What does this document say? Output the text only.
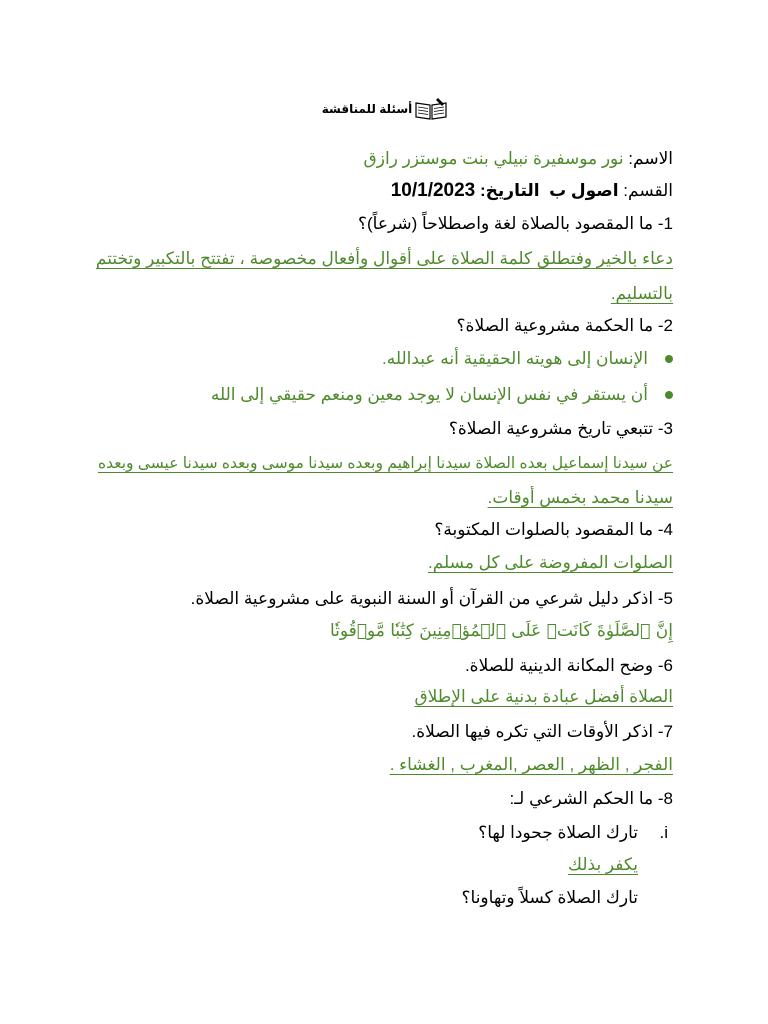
أسئلة للمناقشة
الاسم: نور موسفيرة نبيلي بنت موستزر رازق
القسم: اصول ب  التاريخ: 10/1/2023
1- ما المقصود بالصلاة لغة واصطلاحاً (شرعاً)؟
دعاء بالخير وفتطلق كلمة الصلاة على أقوال وأفعال مخصوصة ، تفتتح بالتكبير وتختتم
بالتسليم.
2- ما الحكمة مشروعية الصلاة؟
الإنسان إلى هويته الحقيقية أنه عبدالله.
أن يستقر في نفس الإنسان لا يوجد معين ومنعم حقيقي إلى الله
3- تتبعي تاريخ مشروعية الصلاة؟
عن سيدنا إسماعيل بعده الصلاة سيدنا إبراهيم وبعده سيدنا موسى وبعده سيدنا عيسى وبعده
سيدنا محمد بخمس أوقات.
4- ما المقصود بالصلوات المكتوبة؟
الصلوات المفروضة على كل مسلم.
5- اذكر دليل شرعي من القرآن أو السنة النبوية على مشروعية الصلاة.
إِنَّ ٱلصَّلَوٰةَ كَانَتۡ عَلَى ٱلۡمُؤۡمِنِينَ كِتَٰبٗا مَّوۡقُوتٗا
6- وضح المكانة الدينية للصلاة.
الصلاة أفضل عبادة بدنية على الإطلاق
7- اذكر الأوقات التي تكره فيها الصلاة.
الفجر , الظهر , العصر ,المغرب , الغشاء .
8- ما الحكم الشرعي لـ:
i.
تارك الصلاة جحودا لها؟
يكفر بذلك
تارك الصلاة كسلاً وتهاونا؟
